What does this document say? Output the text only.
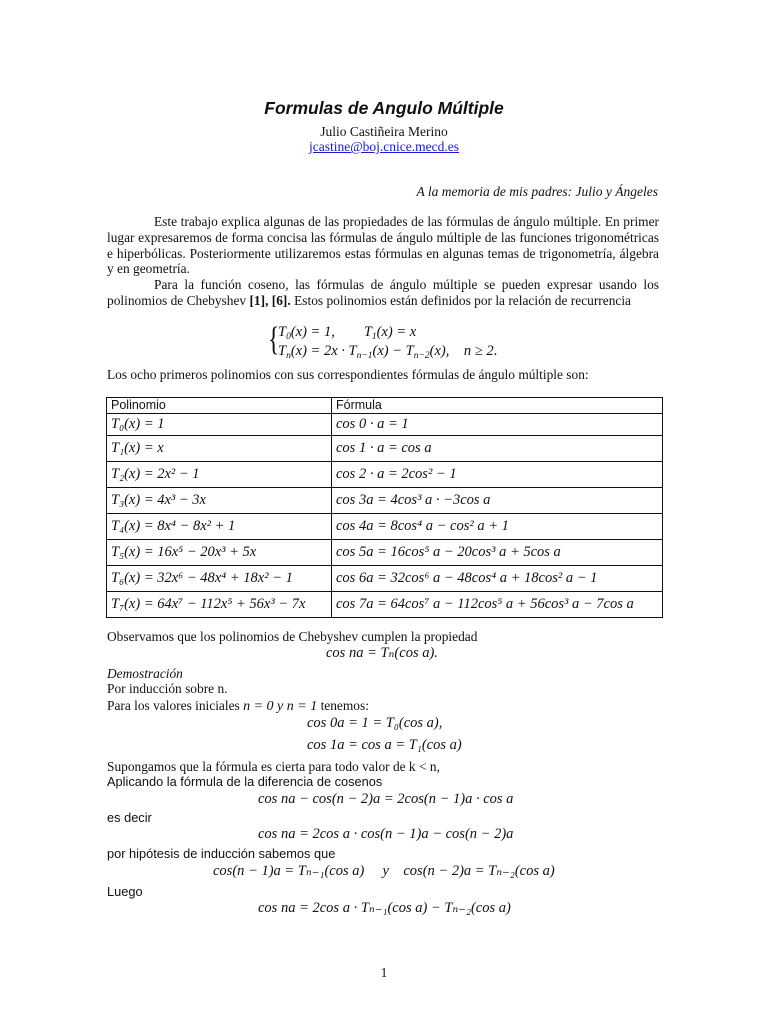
Formulas de Angulo Múltiple
Julio Castiñeira Merino
jcastine@boj.cnice.mecd.es
A la memoria de mis padres: Julio y Ángeles

Este trabajo explica algunas de las propiedades de las fórmulas de ángulo múltiple. En primer lugar expresaremos de forma concisa las fórmulas de ángulo múltiple de las funciones trigonométricas e hiperbólicas. Posteriormente utilizaremos estas fórmulas en algunas temas de trigonometría, álgebra y en geometría.

Para la función coseno, las fórmulas de ángulo múltiple se pueden expresar usando los polinomios de Chebyshev [1], [6]. Estos polinomios están definidos por la relación de recurrencia

{
$T_0(x) = 1$, $T_1(x) = x$
$T_n(x) = 2x \cdot T_{n-1}(x) - T_{n-2}(x)$, n ≥ 2.
Los ocho primeros polinomios con sus correspondientes fórmulas de ángulo múltiple son:
Polinomio	Fórmula
T₀(x) = 1	cos 0 · a = 1
T₁(x) = x	cos 1 · a = cos a
T₂(x) = 2x² − 1	cos 2 · a = 2cos² − 1
T₃(x) = 4x³ − 3x	cos 3a = 4cos³ a · −3cos a
T₄(x) = 8x⁴ − 8x² + 1	cos 4a = 8cos⁴ a − cos² a + 1
T₅(x) = 16x⁵ − 20x³ + 5x	cos 5a = 16cos⁵ a − 20cos³ a + 5cos a
T₆(x) = 32x⁶ − 48x⁴ + 18x² − 1	cos 6a = 32cos⁶ a − 48cos⁴ a + 18cos² a − 1
T₇(x) = 64x⁷ − 112x⁵ + 56x³ − 7x	cos 7a = 64cos⁷ a − 112cos⁵ a + 56cos³ a − 7cos a
Observamos que los polinomios de Chebyshev cumplen la propiedad
cos na = Tₙ(cos a).
Demostración
Por inducción sobre n.
Para los valores iniciales n = 0 y n = 1 tenemos:
cos 0a = 1 = T₀(cos a),
cos 1a = cos a = T₁(cos a)
Supongamos que la fórmula es cierta para todo valor de k < n,
Aplicando la fórmula de la diferencia de cosenos
cos na − cos(n − 2)a = 2cos(n − 1)a · cos a
es decir
cos na = 2cos a · cos(n − 1)a − cos(n − 2)a
por hipótesis de inducción sabemos que
cos(n − 1)a = Tₙ₋₁(cos a) y cos(n − 2)a = Tₙ₋₂(cos a)
Luego
cos na = 2cos a · Tₙ₋₁(cos a) − Tₙ₋₂(cos a)
1
